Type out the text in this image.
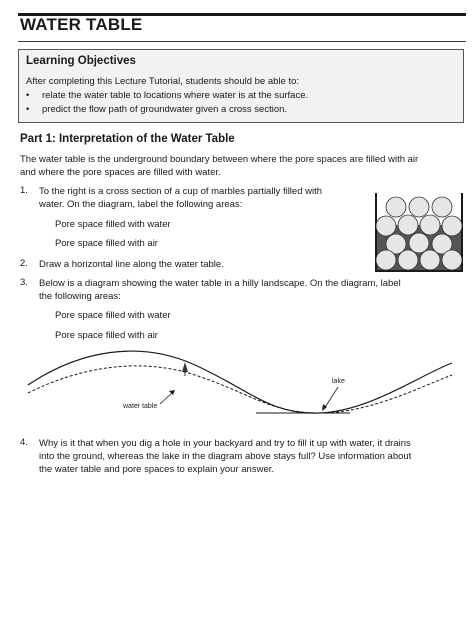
WATER TABLE
Learning Objectives
After completing this Lecture Tutorial, students should be able to:
• relate the water table to locations where water is at the surface.
• predict the flow path of groundwater given a cross section.
Part 1: Interpretation of the Water Table
The water table is the underground boundary between where the pore spaces are filled with air
and where the pore spaces are filled with water.
1. To the right is a cross section of a cup of marbles partially filled with
water. On the diagram, label the following areas:
Pore space filled with water
Pore space filled with air
2. Draw a horizontal line along the water table.
3. Below is a diagram showing the water table in a hilly landscape. On the diagram, label
the following areas:
Pore space filled with water
Pore space filled with air
lake
water table
4. Why is it that when you dig a hole in your backyard and try to fill it up with water, it drains
into the ground, whereas the lake in the diagram above stays full? Use information about
the water table and pore spaces to explain your answer.
